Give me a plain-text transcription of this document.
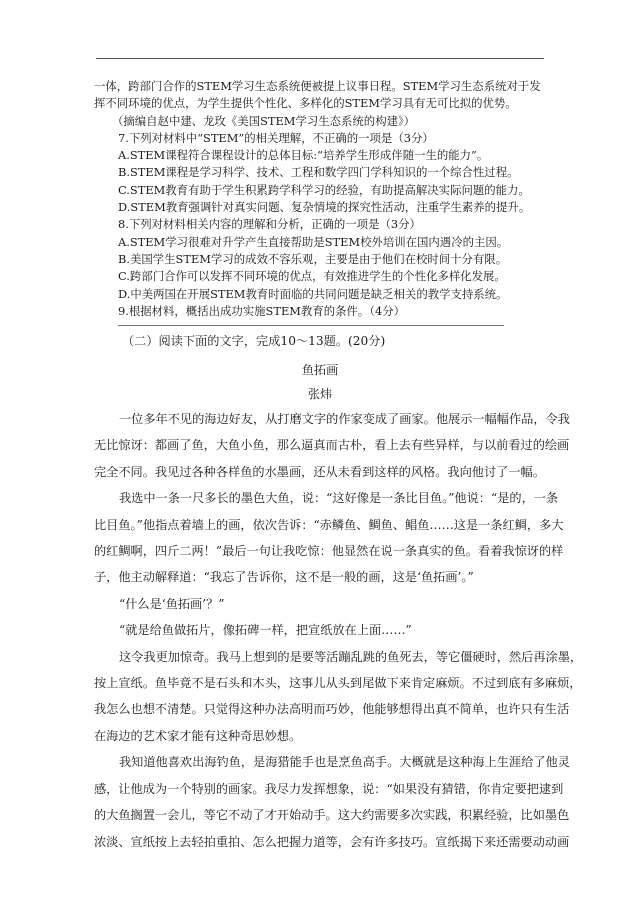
一体，跨部门合作的STEM学习生态系统便被提上议事日程。STEM学习生态系统对于发

挥不同环境的优点，为学生提供个性化、多样化的STEM学习具有无可比拟的优势。

（摘编自赵中建、龙玫《美国STEM学习生态系统的构建》）

7.下列对材料中“STEM”的相关理解，不正确的一项是（3分）

A.STEM课程符合课程设计的总体目标:“培养学生形成伴随一生的能力”。

B.STEM课程是学习科学、技术、工程和数学四门学科知识的一个综合性过程。

C.STEM教育有助于学生积累跨学科学习的经验，有助提高解决实际问题的能力。

D.STEM教育强调针对真实问题、复杂情境的探究性活动，注重学生素养的提升。

8.下列对材料相关内容的理解和分析，正确的一项是（3分）

A.STEM学习很难对升学产生直接帮助是STEM校外培训在国内遇冷的主因。

B.美国学生STEM学习的成效不容乐观，主要是由于他们在校时间十分有限。

C.跨部门合作可以发挥不同环境的优点，有效推进学生的个性化多样化发展。

D.中美两国在开展STEM教育时面临的共同问题是缺乏相关的教学支持系统。

9.根据材料，概括出成功实施STEM教育的条件。（4分）

（二）阅读下面的文字，完成10～13题。(20分)

鱼拓画

张炜

一位多年不见的海边好友，从打磨文字的作家变成了画家。他展示一幅幅作品，令我

无比惊讶：都画了鱼，大鱼小鱼，那么逼真而古朴，看上去有些异样，与以前看过的绘画

完全不同。我见过各种各样鱼的水墨画，还从未看到这样的风格。我向他讨了一幅。

我选中一条一尺多长的墨色大鱼，说：“这好像是一条比目鱼。”他说：“是的，一条

比目鱼。”他指点着墙上的画，依次告诉：“赤鳞鱼、鲷鱼、鲳鱼……这是一条红鲷，多大

的红鲷啊，四斤二两！”最后一句让我吃惊：他显然在说一条真实的鱼。看着我惊讶的样

子，他主动解释道：“我忘了告诉你，这不是一般的画，这是‘鱼拓画’。”

“什么是‘鱼拓画’？”

“就是给鱼做拓片，像拓碑一样，把宣纸放在上面……”

这令我更加惊奇。我马上想到的是要等活蹦乱跳的鱼死去，等它僵硬时，然后再涂墨，

按上宣纸。鱼毕竟不是石头和木头，这事儿从头到尾做下来肯定麻烦。不过到底有多麻烦，

我怎么也想不清楚。只觉得这种办法高明而巧妙，他能够想得出真不简单，也许只有生活

在海边的艺术家才能有这种奇思妙想。

我知道他喜欢出海钓鱼，是海猎能手也是烹鱼高手。大概就是这种海上生涯给了他灵

感，让他成为一个特别的画家。我尽力发挥想象，说：“如果没有猜错，你肯定要把逮到

的大鱼搁置一会儿，等它不动了才开始动手。这大约需要多次实践，积累经验，比如墨色

浓淡、宣纸按上去轻拍重拍、怎么把握力道等，会有许多技巧。宣纸揭下来还需要动动画
